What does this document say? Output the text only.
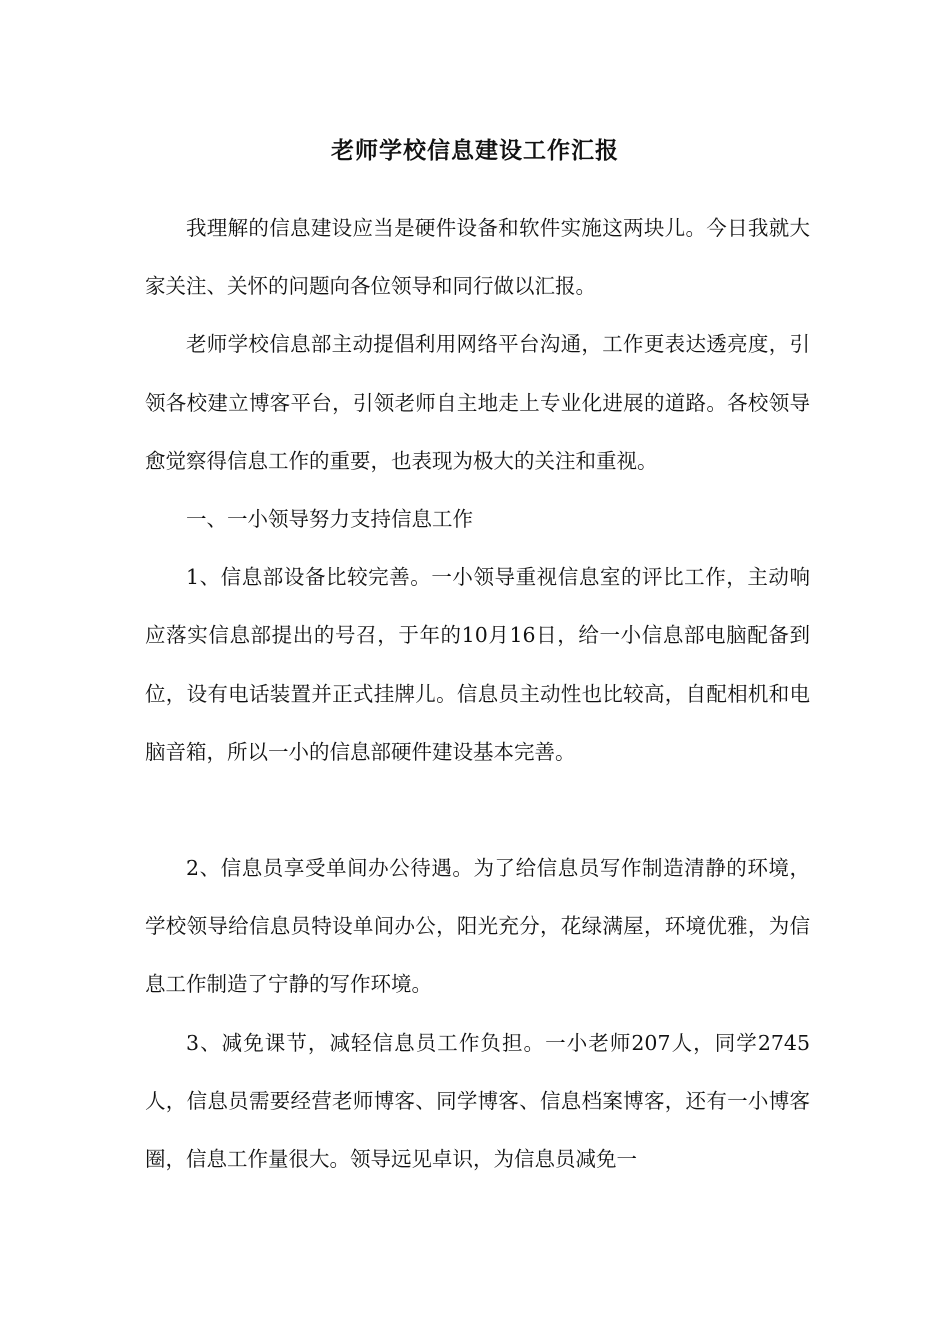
老师学校信息建设工作汇报

我理解的信息建设应当是硬件设备和软件实施这两块儿。今日我就大家关注、关怀的问题向各位领导和同行做以汇报。

老师学校信息部主动提倡利用网络平台沟通，工作更表达透亮度，引领各校建立博客平台，引领老师自主地走上专业化进展的道路。各校领导愈觉察得信息工作的重要，也表现为极大的关注和重视。

一、一小领导努力支持信息工作

1、信息部设备比较完善。一小领导重视信息室的评比工作，主动响应落实信息部提出的号召，于年的10月16日，给一小信息部电脑配备到位，设有电话装置并正式挂牌儿。信息员主动性也比较高，自配相机和电脑音箱，所以一小的信息部硬件建设基本完善。

2、信息员享受单间办公待遇。为了给信息员写作制造清静的环境，学校领导给信息员特设单间办公，阳光充分，花绿满屋，环境优雅，为信息工作制造了宁静的写作环境。

3、减免课节，减轻信息员工作负担。一小老师207人，同学2745人，信息员需要经营老师博客、同学博客、信息档案博客，还有一小博客圈，信息工作量很大。领导远见卓识，为信息员减免一
